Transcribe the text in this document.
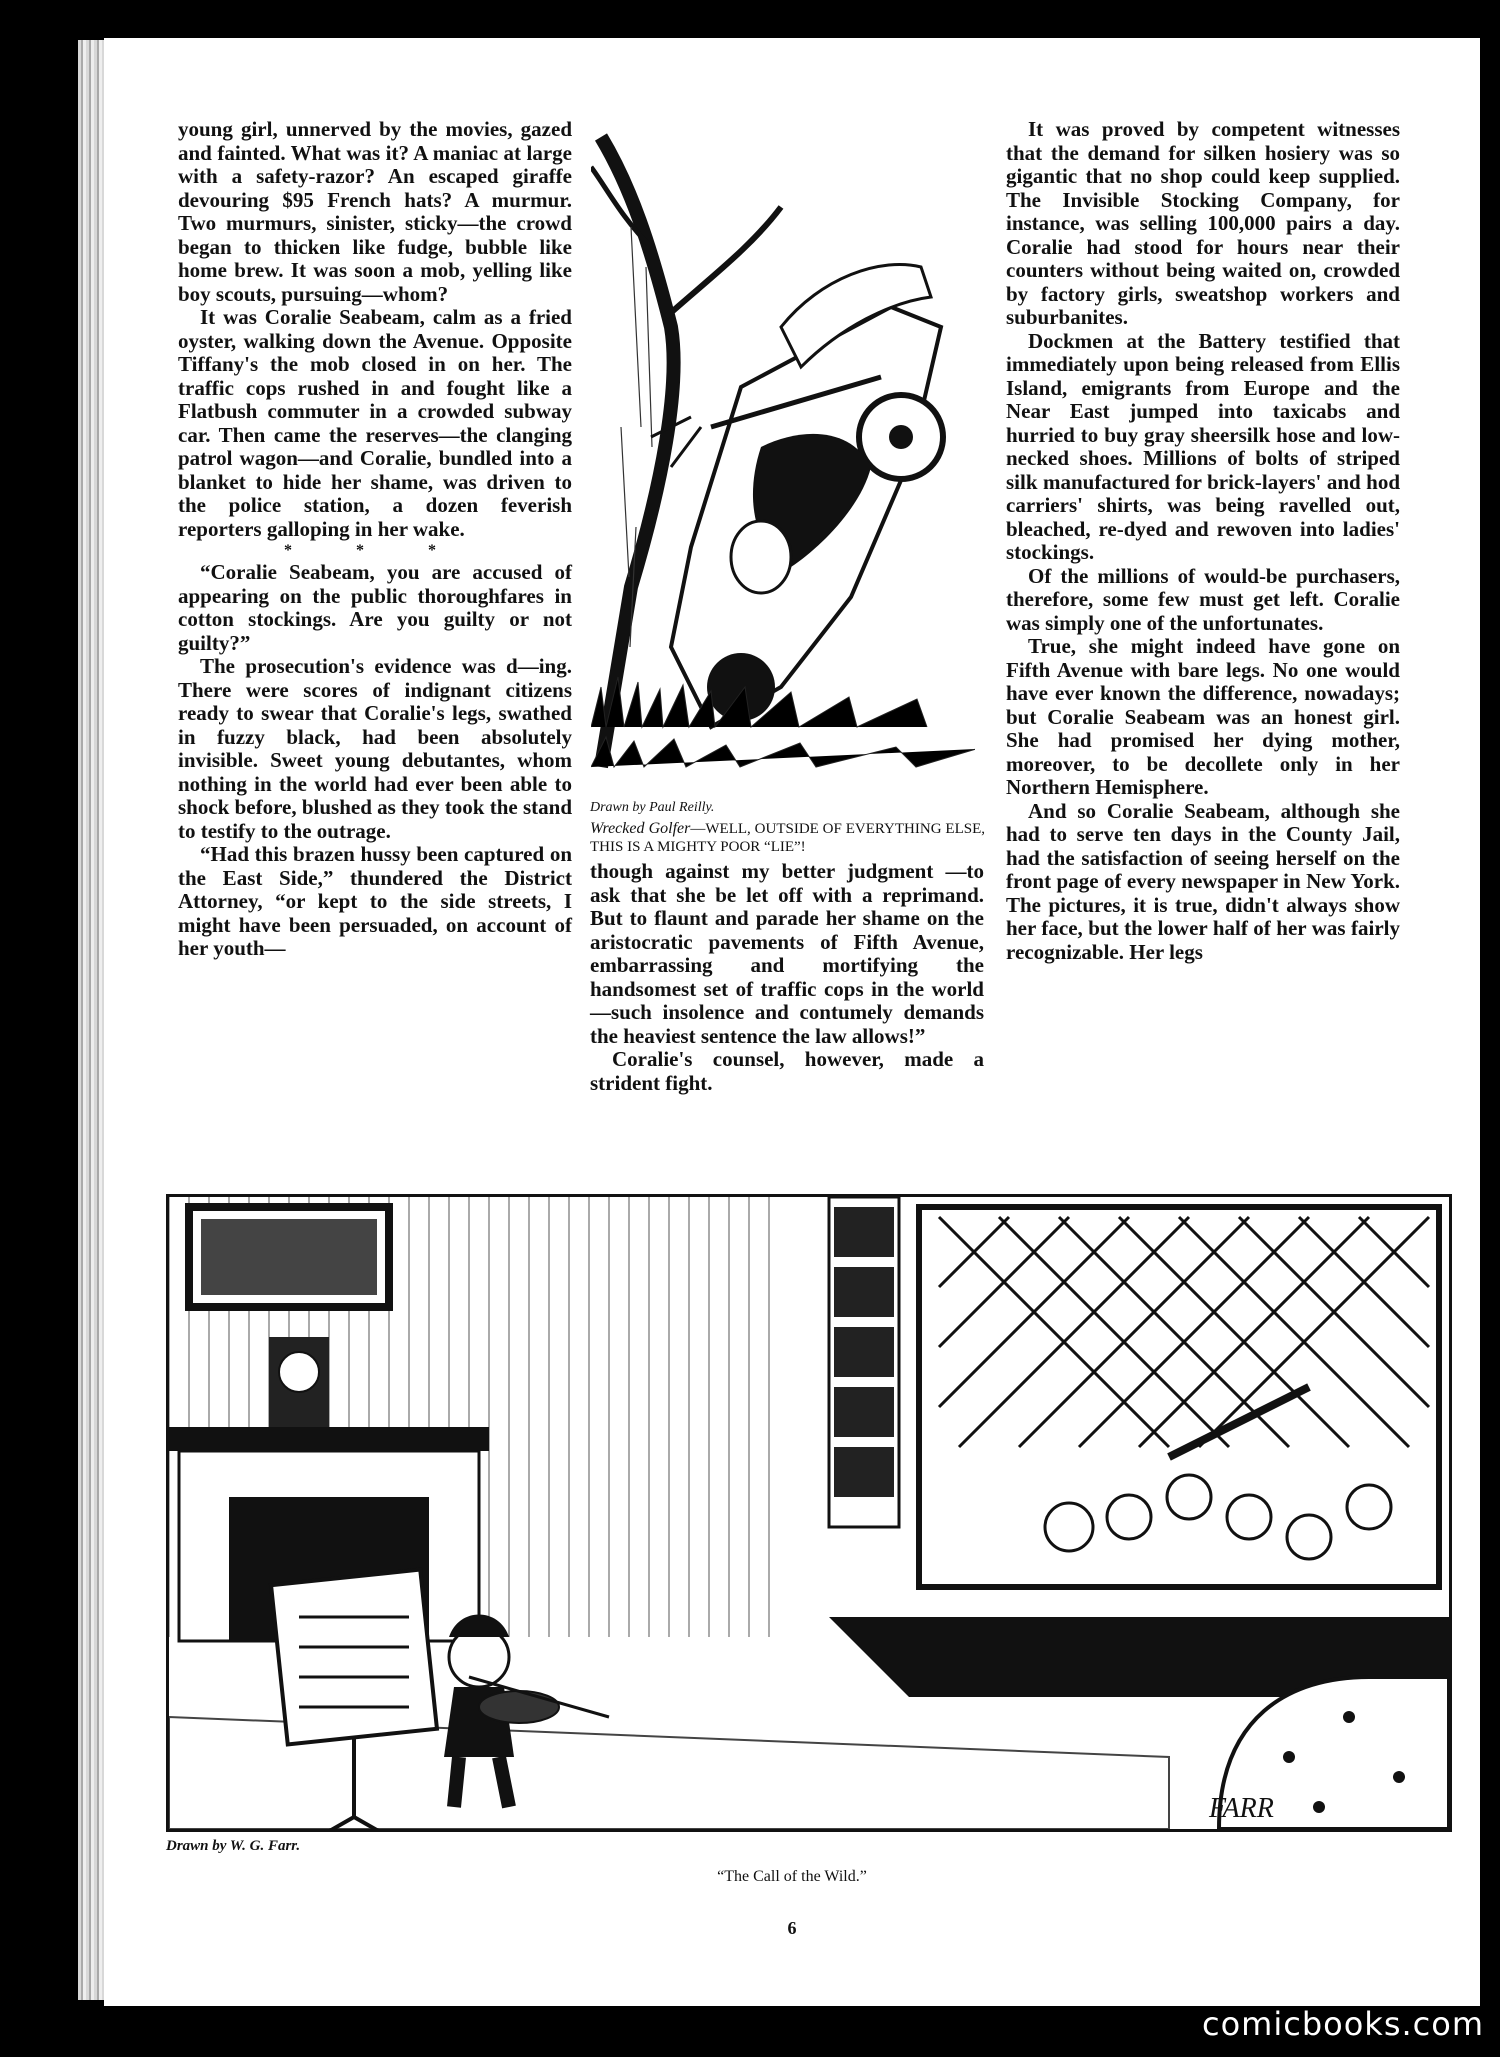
young girl, unnerved by the movies, gazed and fainted. What was it? A maniac at large with a safety-razor? An escaped giraffe devouring $95 French hats? A murmur. Two murmurs, sinister, sticky—the crowd began to thicken like fudge, bubble like home brew. It was soon a mob, yelling like boy scouts, pursuing—whom?

It was Coralie Seabeam, calm as a fried oyster, walking down the Avenue. Opposite Tiffany's the mob closed in on her. The traffic cops rushed in and fought like a Flatbush commuter in a crowded subway car. Then came the reserves—the clanging patrol wagon—and Coralie, bundled into a blanket to hide her shame, was driven to the police station, a dozen feverish reporters galloping in her wake.

* * *

“Coralie Seabeam, you are accused of appearing on the public thoroughfares in cotton stockings. Are you guilty or not guilty?”

The prosecution's evidence was d—ing. There were scores of indignant citizens ready to swear that Coralie's legs, swathed in fuzzy black, had been absolutely invisible. Sweet young debutantes, whom nothing in the world had ever been able to shock before, blushed as they took the stand to testify to the outrage.

“Had this brazen hussy been captured on the East Side,” thundered the District Attorney, “or kept to the side streets, I might have been persuaded, on account of her youth—

Drawn by Paul Reilly.
Wrecked Golfer—WELL, OUTSIDE OF EVERYTHING ELSE, THIS IS A MIGHTY POOR “LIE”!

though against my better judgment —to ask that she be let off with a reprimand. But to flaunt and parade her shame on the aristocratic pavements of Fifth Avenue, embarrassing and mortifying the handsomest set of traffic cops in the world—such insolence and contumely demands the heaviest sentence the law allows!”

Coralie's counsel, however, made a strident fight.

It was proved by competent witnesses that the demand for silken hosiery was so gigantic that no shop could keep supplied. The Invisible Stocking Company, for instance, was selling 100,000 pairs a day. Coralie had stood for hours near their counters without being waited on, crowded by factory girls, sweatshop workers and suburbanites.

Dockmen at the Battery testified that immediately upon being released from Ellis Island, emigrants from Europe and the Near East jumped into taxicabs and hurried to buy gray sheersilk hose and low-necked shoes. Millions of bolts of striped silk manufactured for brick-layers' and hod carriers' shirts, was being ravelled out, bleached, re-dyed and rewoven into ladies' stockings.

Of the millions of would-be purchasers, therefore, some few must get left. Coralie was simply one of the unfortunates.

True, she might indeed have gone on Fifth Avenue with bare legs. No one would have ever known the difference, nowadays; but Coralie Seabeam was an honest girl. She had promised her dying mother, moreover, to be decollete only in her Northern Hemisphere.

And so Coralie Seabeam, although she had to serve ten days in the County Jail, had the satisfaction of seeing herself on the front page of every newspaper in New York. The pictures, it is true, didn't always show her face, but the lower half of her was fairly recognizable. Her legs

FARR
Drawn by W. G. Farr.
“The Call of the Wild.”
6
comicbooks.com
